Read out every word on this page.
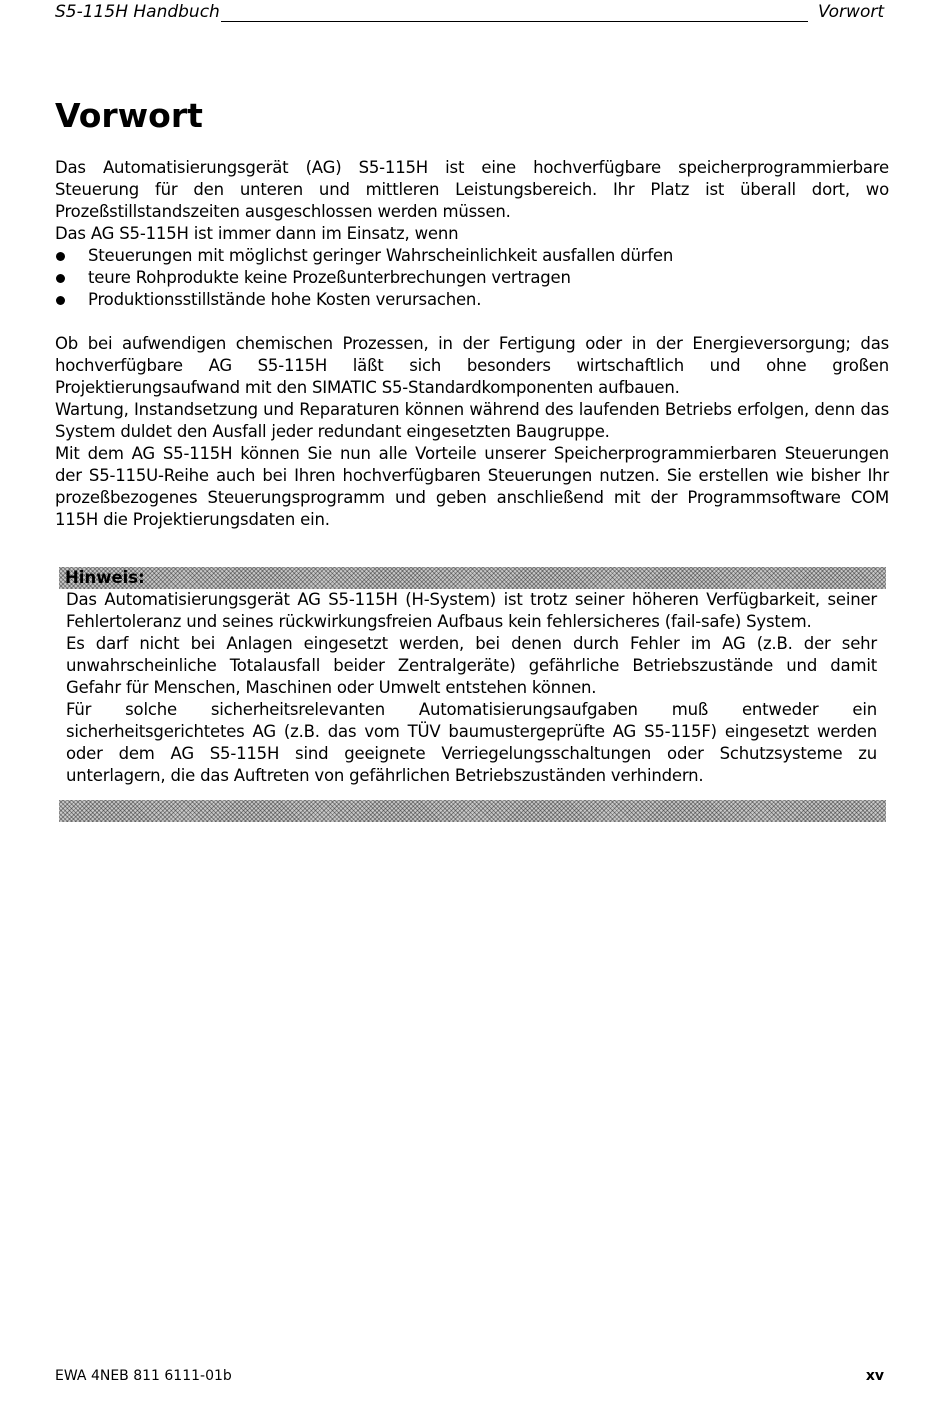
S5-115H Handbuch	Vorwort
Vorwort

Das Automatisierungsgerät (AG) S5-115H ist eine hochverfügbare speicherprogrammierbare Steuerung für den unteren und mittleren Leistungsbereich. Ihr Platz ist überall dort, wo Prozeßstillstandszeiten ausgeschlossen werden müssen.

Das AG S5-115H ist immer dann im Einsatz, wenn

Steuerungen mit möglichst geringer Wahrscheinlichkeit ausfallen dürfen
teure Rohprodukte keine Prozeßunterbrechungen vertragen
Produktionsstillstände hohe Kosten verursachen.

Ob bei aufwendigen chemischen Prozessen, in der Fertigung oder in der Energieversorgung; das hochverfügbare AG S5-115H läßt sich besonders wirtschaftlich und ohne großen Projektierungsaufwand mit den SIMATIC S5-Standardkomponenten aufbauen.

Wartung, Instandsetzung und Reparaturen können während des laufenden Betriebs erfolgen, denn das System duldet den Ausfall jeder redundant eingesetzten Baugruppe.

Mit dem AG S5-115H können Sie nun alle Vorteile unserer Speicherprogrammierbaren Steuerungen der S5-115U-Reihe auch bei Ihren hochverfügbaren Steuerungen nutzen. Sie erstellen wie bisher Ihr prozeßbezogenes Steuerungsprogramm und geben anschließend mit der Programmsoftware COM 115H die Projektierungsdaten ein.

Hinweis:

Das Automatisierungsgerät AG S5-115H (H-System) ist trotz seiner höheren Verfügbarkeit, seiner Fehlertoleranz und seines rückwirkungsfreien Aufbaus kein fehlersicheres (fail-safe) System.

Es darf nicht bei Anlagen eingesetzt werden, bei denen durch Fehler im AG (z.B. der sehr unwahrscheinliche Totalausfall beider Zentralgeräte) gefährliche Betriebszustände und damit Gefahr für Menschen, Maschinen oder Umwelt entstehen können.

Für solche sicherheitsrelevanten Automatisierungsaufgaben muß entweder ein sicherheitsgerichtetes AG (z.B. das vom TÜV baumustergeprüfte AG S5-115F) eingesetzt werden oder dem AG S5-115H sind geeignete Verriegelungsschaltungen oder Schutzsysteme zu unterlagern, die das Auftreten von gefährlichen Betriebszuständen verhindern.

EWA 4NEB 811 6111-01b	xv
